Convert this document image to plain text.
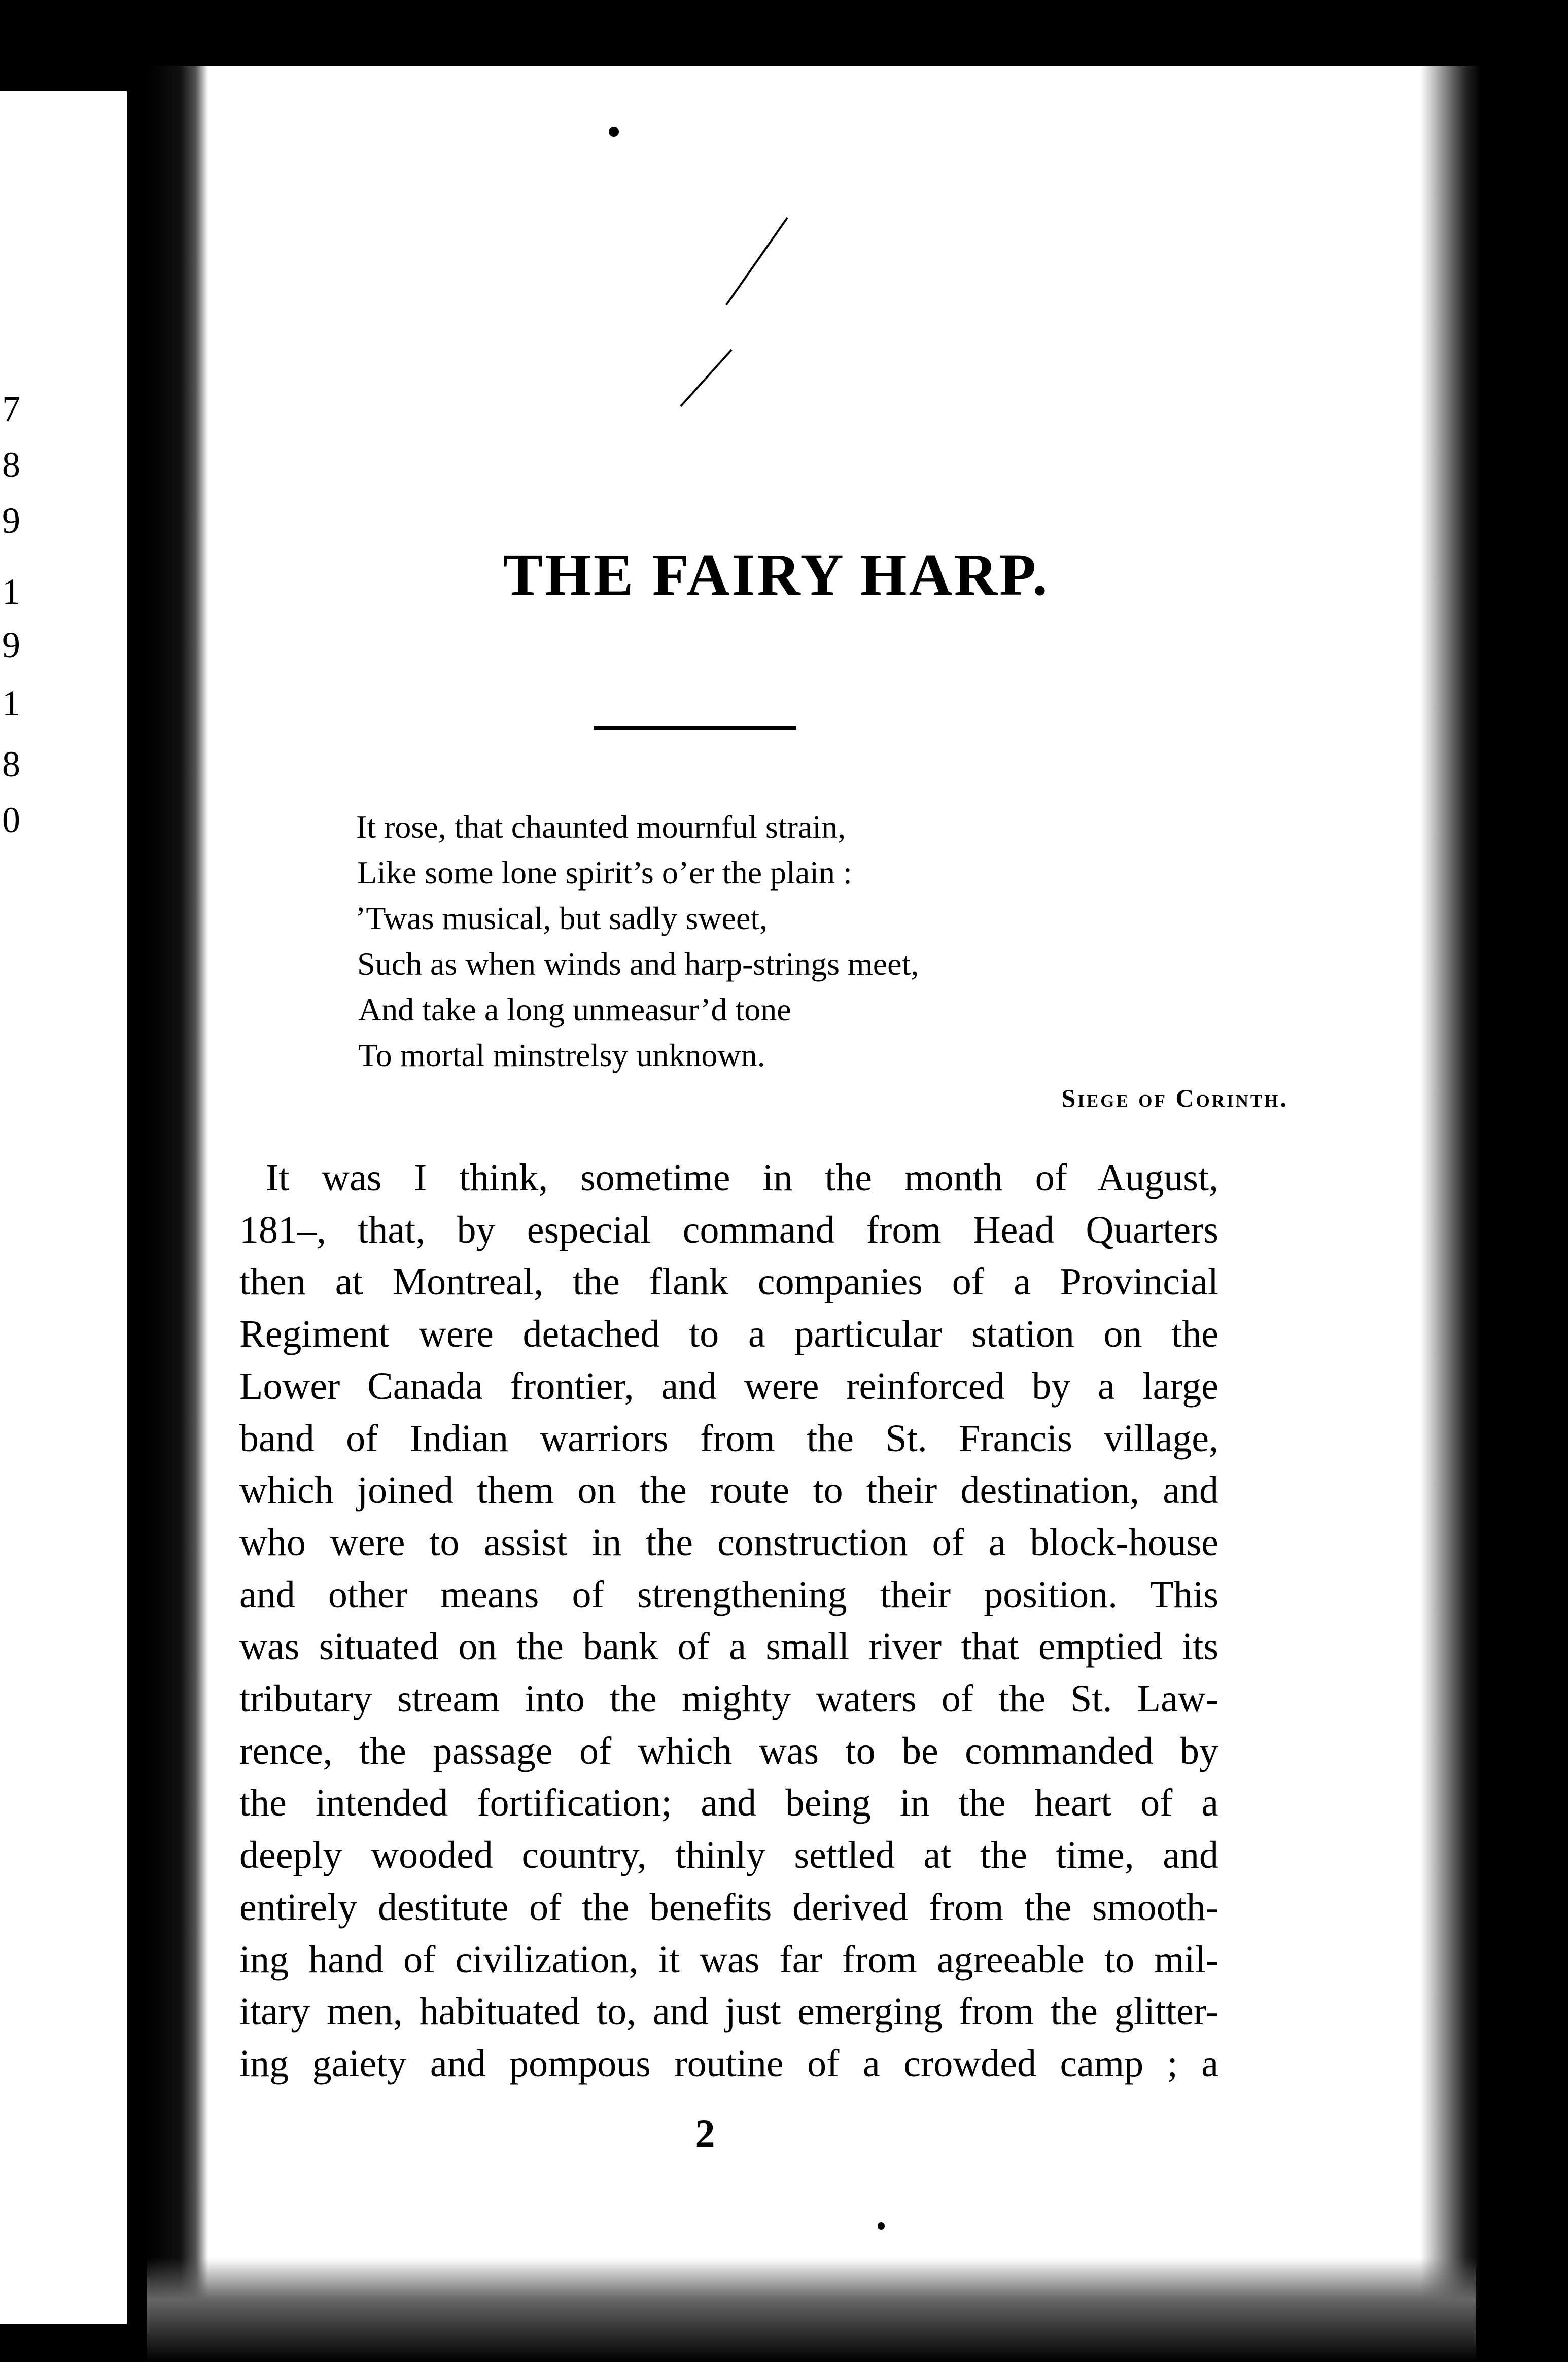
7
8
9
1
9
1
8
0
THE FAIRY HARP.
It rose, that chaunted mournful strain,
Like some lone spirit’s o’er the plain :
’Twas musical, but sadly sweet,
Such as when winds and harp-strings meet,
And take a long unmeasur’d tone
To mortal minstrelsy unknown.
Siege of Corinth.
It was I think, sometime in the month of August,
181–, that, by especial command from Head Quarters
then at Montreal, the flank companies of a Provincial
Regiment were detached to a particular station on the
Lower Canada frontier, and were reinforced by a large
band of Indian warriors from the St. Francis village,
which joined them on the route to their destination, and
who were to assist in the construction of a block-house
and other means of strengthening their position. This
was situated on the bank of a small river that emptied its
tributary stream into the mighty waters of the St. Law-
rence, the passage of which was to be commanded by
the intended fortification; and being in the heart of a
deeply wooded country, thinly settled at the time, and
entirely destitute of the benefits derived from the smooth-
ing hand of civilization, it was far from agreeable to mil-
itary men, habituated to, and just emerging from the glitter-
ing gaiety and pompous routine of a crowded camp ; a
2
